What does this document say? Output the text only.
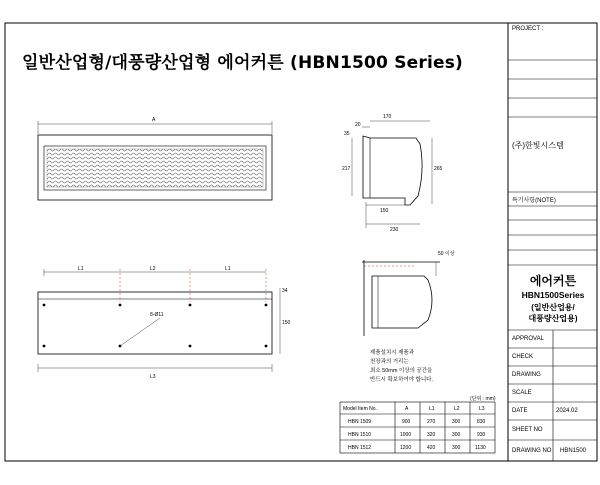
일반산업형/대풍량산업형 에어커튼 (HBN1500 Series)
PROJECT :
(주)한빛시스템
특기사항(NOTE)
에어커튼
HBN1500Series
(일반산업용/
대풍량산업용)
APPROVAL
CHECK
DRAWING
SCALE
DATE	2024.02
SHEET NO
DRAWING NO HBN1500
A
20
170
35
217	265
150
230
L1	L2	L1
L3
8-Ø11
34
150
50 이상
제품설치시 제품과
천장과의 거리는
최소 50mm 이상의 공간을
반드시 확보하여야 합니다.
(단위 : mm)
Model Item No.	A	L1	L2	L3
HBN 1509	900	270	300	830
HBN 1510	1000	320	300	930
HBN 1512	1200	420	300	1130
